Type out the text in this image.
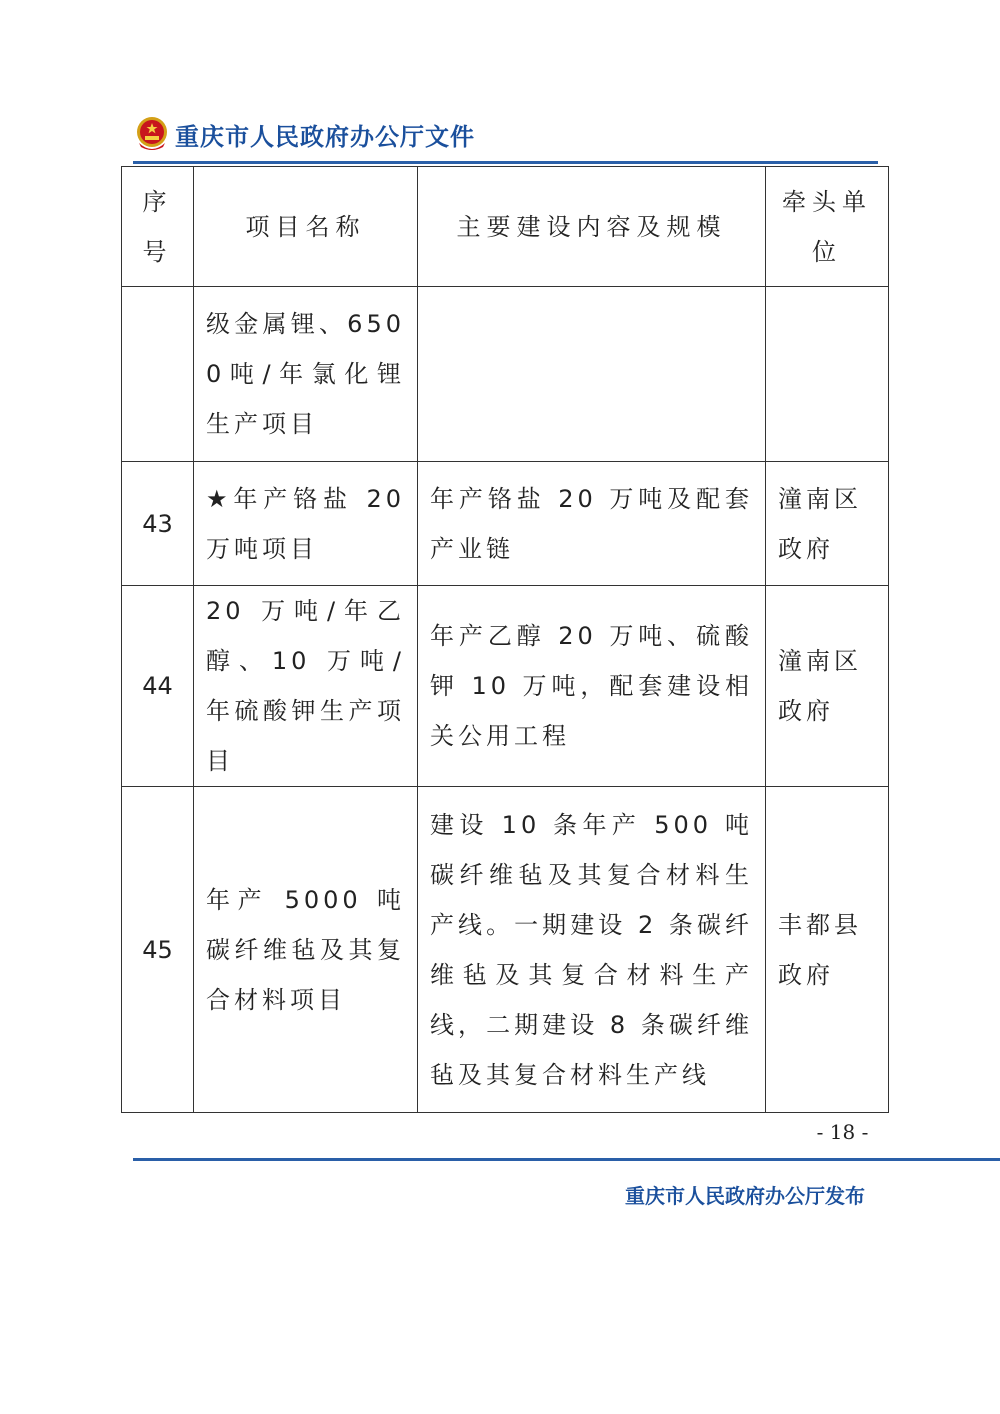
重庆市人民政府办公厅文件
序号	项目名称	主要建设内容及规模	牵头单位
	级金属锂、6500吨/年氯化锂生产项目		
43	★年产铬盐 20 万吨项目	年产铬盐 20 万吨及配套产业链	潼南区政府
44	20 万吨/年乙醇、10 万吨/年硫酸钾生产项目	年产乙醇 20 万吨、硫酸钾 10 万吨，配套建设相关公用工程	潼南区政府
45	年产 5000 吨碳纤维毡及其复合材料项目	建设 10 条年产 500 吨碳纤维毡及其复合材料生产线。一期建设 2 条碳纤维毡及其复合材料生产线，二期建设 8 条碳纤维毡及其复合材料生产线	丰都县政府
- 18 -
重庆市人民政府办公厅发布
